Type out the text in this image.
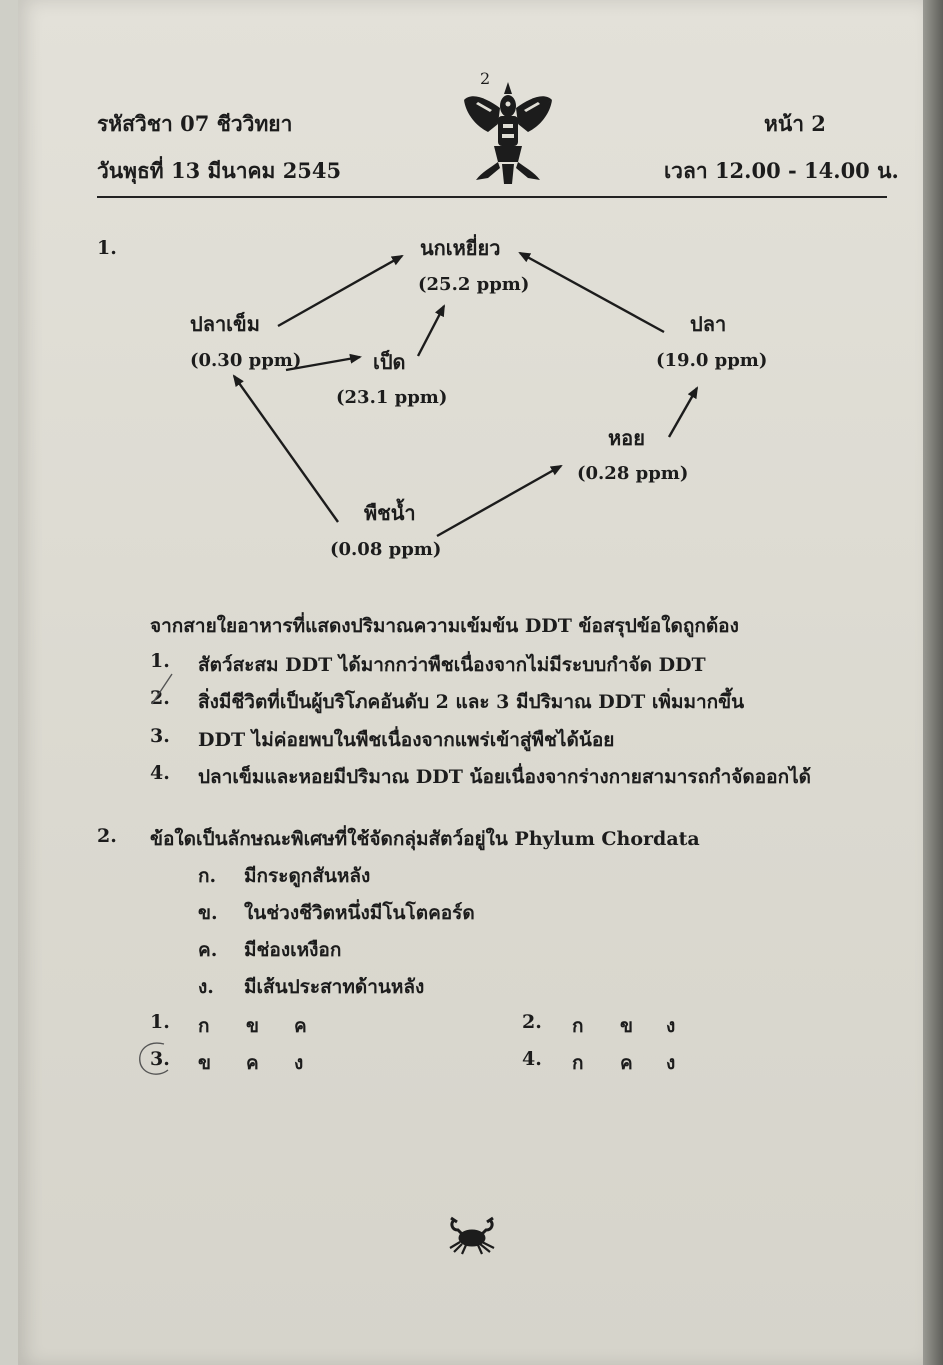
รหัสวิชา 07 ชีววิทยา
วันพุธที่ 13 มีนาคม 2545
หน้า 2
เวลา 12.00 - 14.00 น.
2
1.	นกเหยี่ยว
(25.2 ppm)
ปลาเข็ม
(0.30 ppm)	เป็ด
(23.1 ppm)
ปลา
(19.0 ppm)
หอย
(0.28 ppm)
พืชน้ำ
(0.08 ppm)
จากสายใยอาหารที่แสดงปริมาณความเข้มข้น DDT ข้อสรุปข้อใดถูกต้อง
1. สัตว์สะสม DDT ได้มากกว่าพืชเนื่องจากไม่มีระบบกำจัด DDT
2. สิ่งมีชีวิตที่เป็นผู้บริโภคอันดับ 2 และ 3 มีปริมาณ DDT เพิ่มมากขึ้น
3. DDT ไม่ค่อยพบในพืชเนื่องจากแพร่เข้าสู่พืชได้น้อย
4. ปลาเข็มและหอยมีปริมาณ DDT น้อยเนื่องจากร่างกายสามารถกำจัดออกได้
2. ข้อใดเป็นลักษณะพิเศษที่ใช้จัดกลุ่มสัตว์อยู่ใน Phylum Chordata
ก. มีกระดูกสันหลัง
ข. ในช่วงชีวิตหนึ่งมีโนโตคอร์ด
ค. มีช่องเหงือก
ง. มีเส้นประสาทด้านหลัง
1. ก ข ค	2. ก ข ง
3. ข ค ง	4. ก ค ง
